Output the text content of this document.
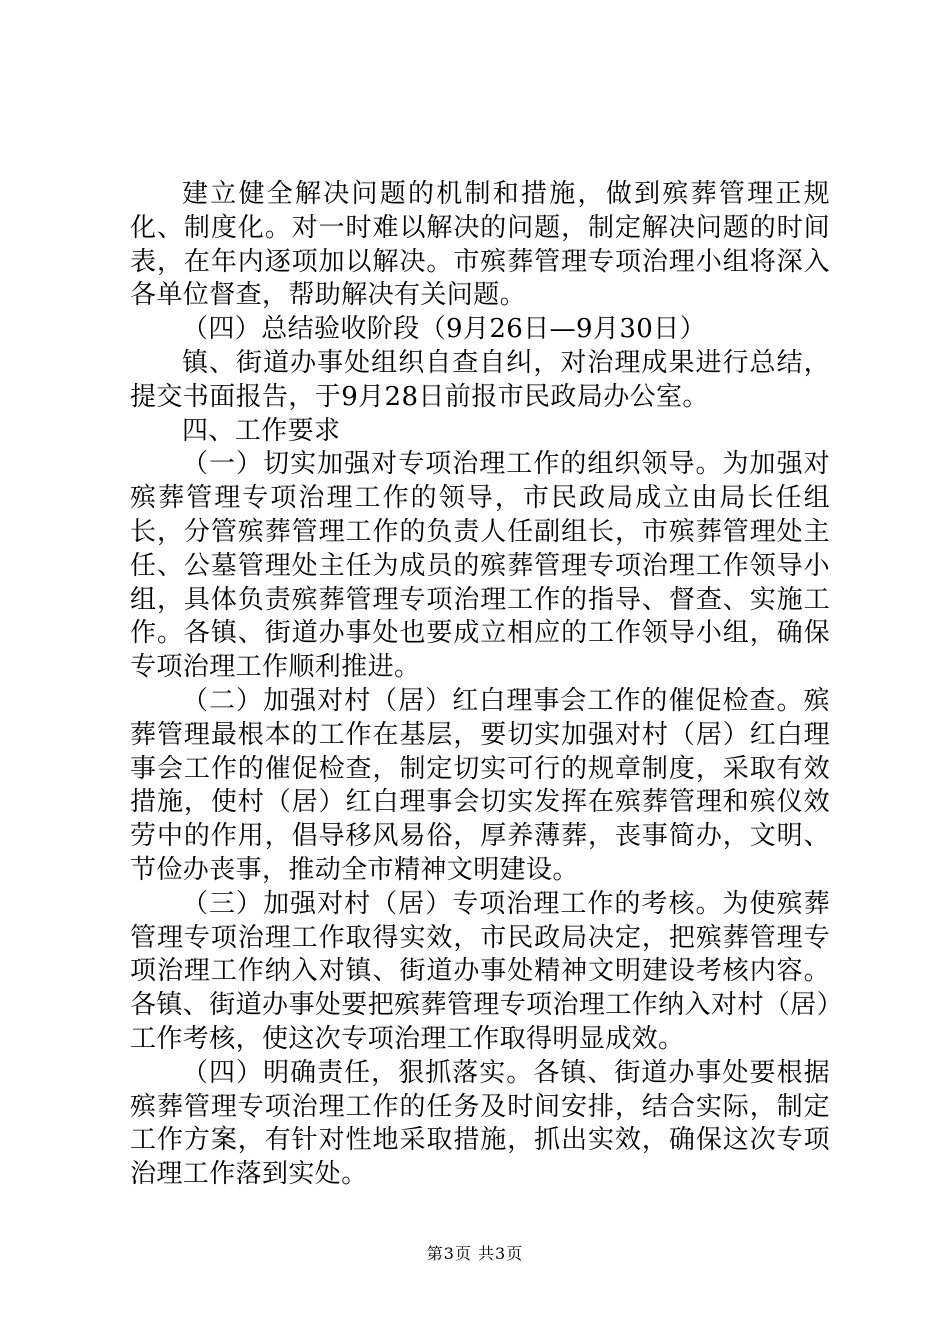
建立健全解决问题的机制和措施，做到殡葬管理正规化、制度化。对一时难以解决的问题，制定解决问题的时间表，在年内逐项加以解决。市殡葬管理专项治理小组将深入各单位督查，帮助解决有关问题。

（四）总结验收阶段（9月26日—9月30日）

镇、街道办事处组织自查自纠，对治理成果进行总结，提交书面报告，于9月28日前报市民政局办公室。

四、工作要求

（一）切实加强对专项治理工作的组织领导。为加强对殡葬管理专项治理工作的领导，市民政局成立由局长任组长，分管殡葬管理工作的负责人任副组长，市殡葬管理处主任、公墓管理处主任为成员的殡葬管理专项治理工作领导小组，具体负责殡葬管理专项治理工作的指导、督查、实施工作。各镇、街道办事处也要成立相应的工作领导小组，确保专项治理工作顺利推进。

（二）加强对村（居）红白理事会工作的催促检查。殡葬管理最根本的工作在基层，要切实加强对村（居）红白理事会工作的催促检查，制定切实可行的规章制度，采取有效措施，使村（居）红白理事会切实发挥在殡葬管理和殡仪效劳中的作用，倡导移风易俗，厚养薄葬，丧事简办，文明、节俭办丧事，推动全市精神文明建设。

（三）加强对村（居）专项治理工作的考核。为使殡葬管理专项治理工作取得实效，市民政局决定，把殡葬管理专项治理工作纳入对镇、街道办事处精神文明建设考核内容。各镇、街道办事处要把殡葬管理专项治理工作纳入对村（居）工作考核，使这次专项治理工作取得明显成效。

（四）明确责任，狠抓落实。各镇、街道办事处要根据殡葬管理专项治理工作的任务及时间安排，结合实际，制定工作方案，有针对性地采取措施，抓出实效，确保这次专项治理工作落到实处。

第3页 共3页
